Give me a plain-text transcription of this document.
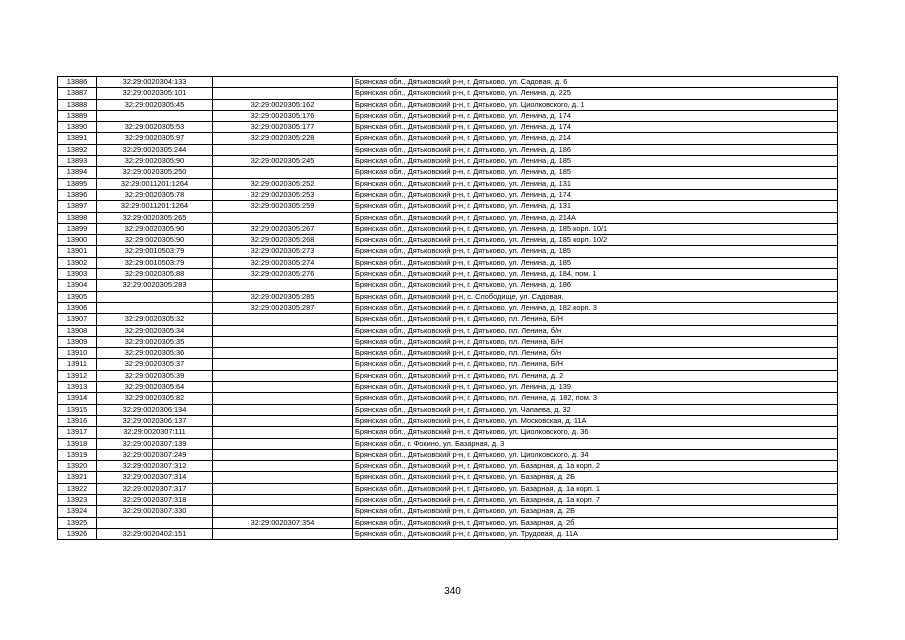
13886	32:29:0020304:133		Брянская обл., Дятьковский р-н, г. Дятьково, ул. Садовая, д. 6
13887	32:29:0020305:101		Брянская обл., Дятьковский р-н, г. Дятьково, ул. Ленина, д. 225
13888	32:29:0020305:45	32:29:0020305:162	Брянская обл., Дятьковский р-н, г. Дятьково, ул. Циолковского, д. 1
13889		32:29:0020305:176	Брянская обл., Дятьковский р-н, г. Дятьково, ул. Ленина, д. 174
13890	32:29:0020305:53	32:29:0020305:177	Брянская обл., Дятьковский р-н, г. Дятьково, ул. Ленина, д. 174
13891	32:29:0020305:97	32:29:0020305:228	Брянская обл., Дятьковский р-н, г. Дятьково, ул. Ленина, д. 214
13892	32:29:0020305:244		Брянская обл., Дятьковский р-н, г. Дятьково, ул. Ленина, д. 186
13893	32:29:0020305:90	32:29:0020305:245	Брянская обл., Дятьковский р-н, г. Дятьково, ул. Ленина, д. 185
13894	32:29:0020305:250		Брянская обл., Дятьковский р-н, г. Дятьково, ул. Ленина, д. 185
13895	32:29:0011201:1264	32:29:0020305:252	Брянская обл., Дятьковский р-н, г. Дятьково, ул. Ленина, д. 131
13896	32:29:0020305:78	32:29:0020305:253	Брянская обл., Дятьковский р-н, г. Дятьково, ул. Ленина, д. 174
13897	32:29:0011201:1264	32:29:0020305:259	Брянская обл., Дятьковский р-н, г. Дятьково, ул. Ленина, д. 131
13898	32:29:0020305:265		Брянская обл., Дятьковский р-н, г. Дятьково, ул. Ленина, д. 214А
13899	32:29:0020305:90	32:29:0020305:267	Брянская обл., Дятьковский р-н, г. Дятьково, ул. Ленина, д. 185 корп. 10/1
13900	32:29:0020305:90	32:29:0020305:268	Брянская обл., Дятьковский р-н, г. Дятьково, ул. Ленина, д. 185 корп. 10/2
13901	32:29:0010503:79	32:29:0020305:273	Брянская обл., Дятьковский р-н, г. Дятьково, ул. Ленина, д. 185
13902	32:29:0010503:79	32:29:0020305:274	Брянская обл., Дятьковский р-н, г. Дятьково, ул. Ленина, д. 185
13903	32:29:0020305:88	32:29:0020305:276	Брянская обл., Дятьковский р-н, г. Дятьково, ул. Ленина, д. 184, пом. 1
13904	32:29:0020305:283		Брянская обл., Дятьковский р-н, г. Дятьково, ул. Ленина, д. 186
13905		32:29:0020305:285	Брянская обл., Дятьковский р-н, с. Слободище, ул. Садовая,
13906		32:29:0020305:287	Брянская обл., Дятьковский р-н, г. Дятьково, ул. Ленина, д. 182 корп. 3
13907	32:29:0020305:32		Брянская обл., Дятьковский р-н, г. Дятьково, пл. Ленина, Б/Н
13908	32:29:0020305:34		Брянская обл., Дятьковский р-н, г. Дятьково, пл. Ленина, б/н
13909	32:29:0020305:35		Брянская обл., Дятьковский р-н, г. Дятьково, пл. Ленина, Б/Н
13910	32:29:0020305:36		Брянская обл., Дятьковский р-н, г. Дятьково, пл. Ленина, б/н
13911	32:29:0020305:37		Брянская обл., Дятьковский р-н, г. Дятьково, пл. Ленина, Б/Н
13912	32:29:0020305:39		Брянская обл., Дятьковский р-н, г. Дятьково, пл. Ленина, д. 2
13913	32:29:0020305:64		Брянская обл., Дятьковский р-н, г. Дятьково, ул. Ленина, д. 139
13914	32:29:0020305:82		Брянская обл., Дятьковский р-н, г. Дятьково, пл. Ленина, д. 182, пом. 3
13915	32:29:0020306:134		Брянская обл., Дятьковский р-н, г. Дятьково, ул. Чапаева, д. 32
13916	32:29:0020306:137		Брянская обл., Дятьковский р-н, г. Дятьково, ул. Московская, д. 11А
13917	32:29:0020307:111		Брянская обл., Дятьковский р-н, г. Дятьково, ул. Циолковского, д. 36
13918	32:29:0020307:139		Брянская обл., г. Фокино, ул. Базарная, д. 3
13919	32:29:0020307:249		Брянская обл., Дятьковский р-н, г. Дятьково, ул. Циолковского, д. 34
13920	32:29:0020307:312		Брянская обл., Дятьковский р-н, г. Дятьково, ул. Базарная, д. 1а корп. 2
13921	32:29:0020307:314		Брянская обл., Дятьковский р-н, г. Дятьково, ул. Базарная, д. 2Б
13922	32:29:0020307:317		Брянская обл., Дятьковский р-н, г. Дятьково, ул. Базарная, д. 1а корп. 1
13923	32:29:0020307:318		Брянская обл., Дятьковский р-н, г. Дятьково, ул. Базарная, д. 1а корп. 7
13924	32:29:0020307:330		Брянская обл., Дятьковский р-н, г. Дятьково, ул. Базарная, д. 2Б
13925		32:29:0020307:354	Брянская обл., Дятьковский р-н, г. Дятьково, ул. Базарная, д. 2б
13926	32:29:0020402:151		Брянская обл., Дятьковский р-н, г. Дятьково, ул. Трудовая, д. 11А
340
